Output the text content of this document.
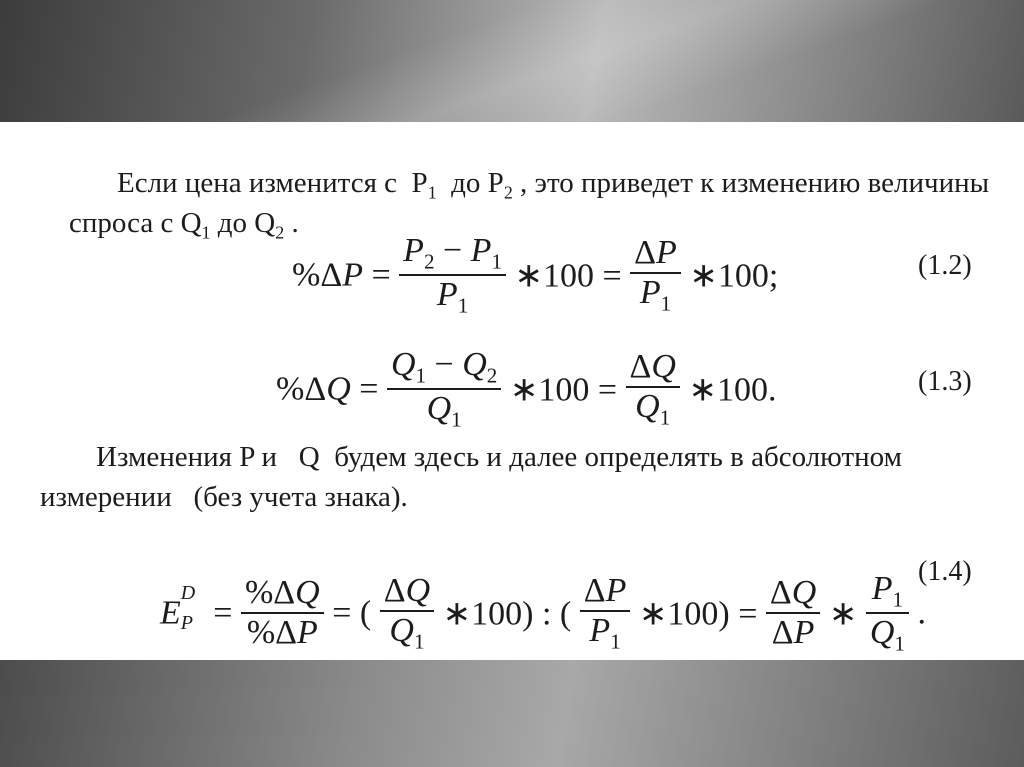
Если цена изменится с  $P_1$  до $P_2$ , это приведет к изменению величины

спроса с $Q_1$ до $Q_2$ .

$\%\Delta P = \frac{P_2 - P_1}{P_1}$ ∗100 = $\frac{\Delta P}{P_1}$ ∗100;	(1.2)
$\%\Delta Q = \frac{Q_1 - Q_2}{Q_1}$ ∗100 = $\frac{\Delta Q}{Q_1}$ ∗100.	(1.3)
Изменения P и   Q  будем здесь и далее определять в абсолютном
измерении   (без учета знака).
(1.4)
E
D
$P = \frac{\%\Delta Q}{\%\Delta P}$ = ( $\frac{\Delta Q}{Q_1}$ ∗100) : ( $\frac{\Delta P}{P_1}$ ∗100) = $\frac{\Delta Q}{\Delta P}$ ∗ $\frac{P_1}{Q_1}$ .
